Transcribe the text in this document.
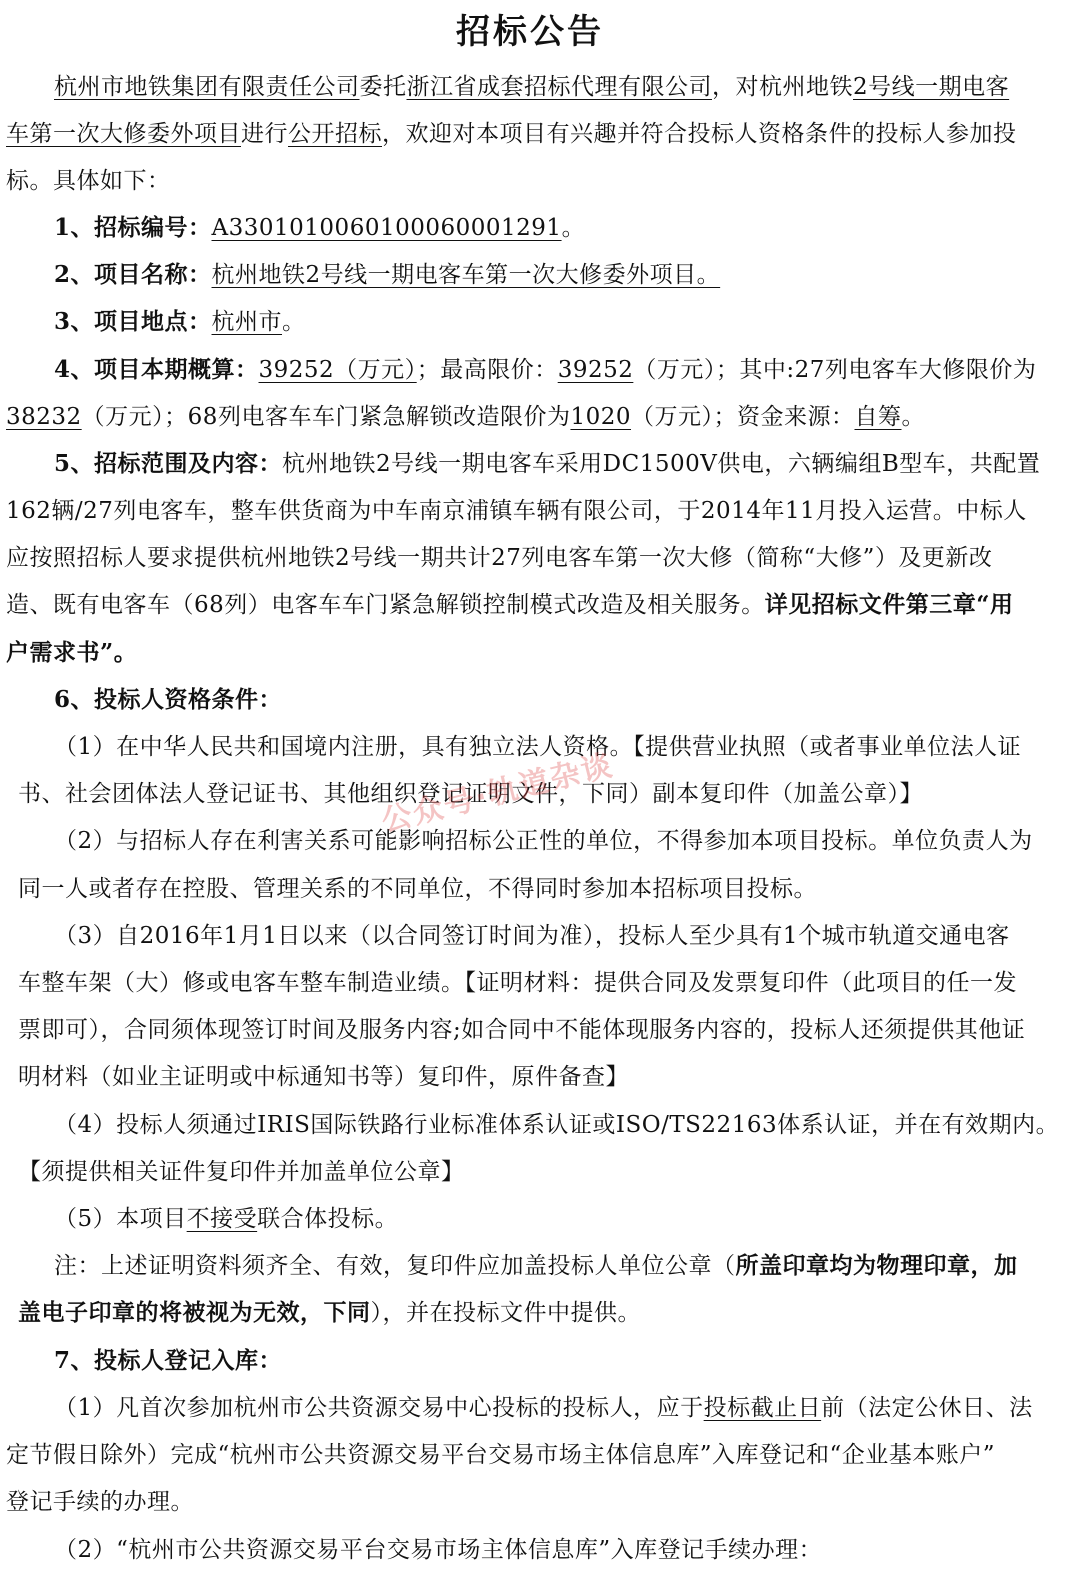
招标公告
杭州市地铁集团有限责任公司委托浙江省成套招标代理有限公司，对杭州地铁2号线一期电客
车第一次大修委外项目进行公开招标，欢迎对本项目有兴趣并符合投标人资格条件的投标人参加投
标。具体如下：
1、招标编号：A3301010060100060001291。
2、项目名称：杭州地铁2号线一期电客车第一次大修委外项目。
3、项目地点：杭州市。
4、项目本期概算：39252（万元）；最高限价：39252（万元）；其中:27列电客车大修限价为
38232（万元）；68列电客车车门紧急解锁改造限价为1020（万元）；资金来源：自筹。
5、招标范围及内容：杭州地铁2号线一期电客车采用DC1500V供电，六辆编组B型车，共配置
162辆/27列电客车，整车供货商为中车南京浦镇车辆有限公司，于2014年11月投入运营。中标人
应按照招标人要求提供杭州地铁2号线一期共计27列电客车第一次大修（简称“大修”）及更新改
造、既有电客车（68列）电客车车门紧急解锁控制模式改造及相关服务。详见招标文件第三章“用
户需求书”。
6、投标人资格条件：
（1）在中华人民共和国境内注册，具有独立法人资格。【提供营业执照（或者事业单位法人证
书、社会团体法人登记证书、其他组织登记证明文件，下同）副本复印件（加盖公章）】
（2）与招标人存在利害关系可能影响招标公正性的单位，不得参加本项目投标。单位负责人为
同一人或者存在控股、管理关系的不同单位，不得同时参加本招标项目投标。
（3）自2016年1月1日以来（以合同签订时间为准），投标人至少具有1个城市轨道交通电客
车整车架（大）修或电客车整车制造业绩。【证明材料：提供合同及发票复印件（此项目的任一发
票即可），合同须体现签订时间及服务内容;如合同中不能体现服务内容的，投标人还须提供其他证
明材料（如业主证明或中标通知书等）复印件，原件备查】
（4）投标人须通过IRIS国际铁路行业标准体系认证或ISO/TS22163体系认证，并在有效期内。
【须提供相关证件复印件并加盖单位公章】
（5）本项目不接受联合体投标。
注：上述证明资料须齐全、有效，复印件应加盖投标人单位公章（所盖印章均为物理印章，加
盖电子印章的将被视为无效，下同），并在投标文件中提供。
7、投标人登记入库：
（1）凡首次参加杭州市公共资源交易中心投标的投标人，应于投标截止日前（法定公休日、法
定节假日除外）完成“杭州市公共资源交易平台交易市场主体信息库”入库登记和“企业基本账户”
登记手续的办理。
（2）“杭州市公共资源交易平台交易市场主体信息库”入库登记手续办理：
公众号·轨道杂谈
